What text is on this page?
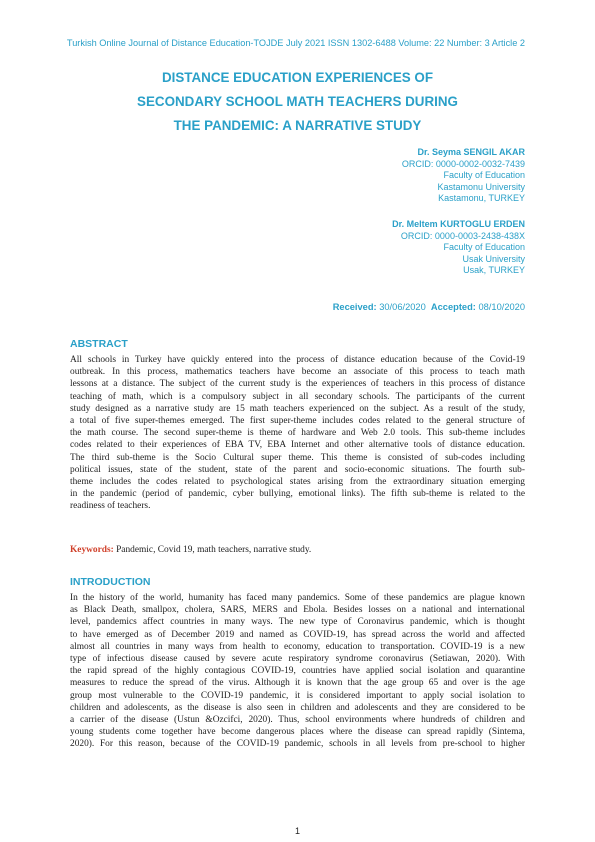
Turkish Online Journal of Distance Education-TOJDE July 2021 ISSN 1302-6488 Volume: 22 Number: 3 Article 2
DISTANCE EDUCATION EXPERIENCES OF
SECONDARY SCHOOL MATH TEACHERS DURING
THE PANDEMIC: A NARRATIVE STUDY
Dr. Seyma SENGIL AKAR
ORCID: 0000-0002-0032-7439
Faculty of Education
Kastamonu University
Kastamonu, TURKEY
Dr. Meltem KURTOGLU ERDEN
ORCID: 0000-0003-2438-438X
Faculty of Education
Usak University
Usak, TURKEY
Received: 30/06/2020 Accepted: 08/10/2020
ABSTRACT
All schools in Turkey have quickly entered into the process of distance education because of the Covid-19
outbreak. In this process, mathematics teachers have become an associate of this process to teach math
lessons at a distance. The subject of the current study is the experiences of teachers in this process of distance
teaching of math, which is a compulsory subject in all secondary schools. The participants of the current
study designed as a narrative study are 15 math teachers experienced on the subject. As a result of the study,
a total of five super-themes emerged. The first super-theme includes codes related to the general structure of
the math course. The second super-theme is theme of hardware and Web 2.0 tools. This sub-theme includes
codes related to their experiences of EBA TV, EBA Internet and other alternative tools of distance education.
The third sub-theme is the Socio Cultural super theme. This theme is consisted of sub-codes including
political issues, state of the student, state of the parent and socio-economic situations. The fourth sub-
theme includes the codes related to psychological states arising from the extraordinary situation emerging
in the pandemic (period of pandemic, cyber bullying, emotional links). The fifth sub-theme is related to the
readiness of teachers.
Keywords: Pandemic, Covid 19, math teachers, narrative study.
INTRODUCTION
In the history of the world, humanity has faced many pandemics. Some of these pandemics are plague known
as Black Death, smallpox, cholera, SARS, MERS and Ebola. Besides losses on a national and international
level, pandemics affect countries in many ways. The new type of Coronavirus pandemic, which is thought
to have emerged as of December 2019 and named as COVID-19, has spread across the world and affected
almost all countries in many ways from health to economy, education to transportation. COVID-19 is a new
type of infectious disease caused by severe acute respiratory syndrome coronavirus (Setiawan, 2020). With
the rapid spread of the highly contagious COVID-19, countries have applied social isolation and quarantine
measures to reduce the spread of the virus. Although it is known that the age group 65 and over is the age
group most vulnerable to the COVID-19 pandemic, it is considered important to apply social isolation to
children and adolescents, as the disease is also seen in children and adolescents and they are considered to be
a carrier of the disease (Ustun &Ozcifci, 2020). Thus, school environments where hundreds of children and
young students come together have become dangerous places where the disease can spread rapidly (Sintema,
2020). For this reason, because of the COVID-19 pandemic, schools in all levels from pre-school to higher
1
